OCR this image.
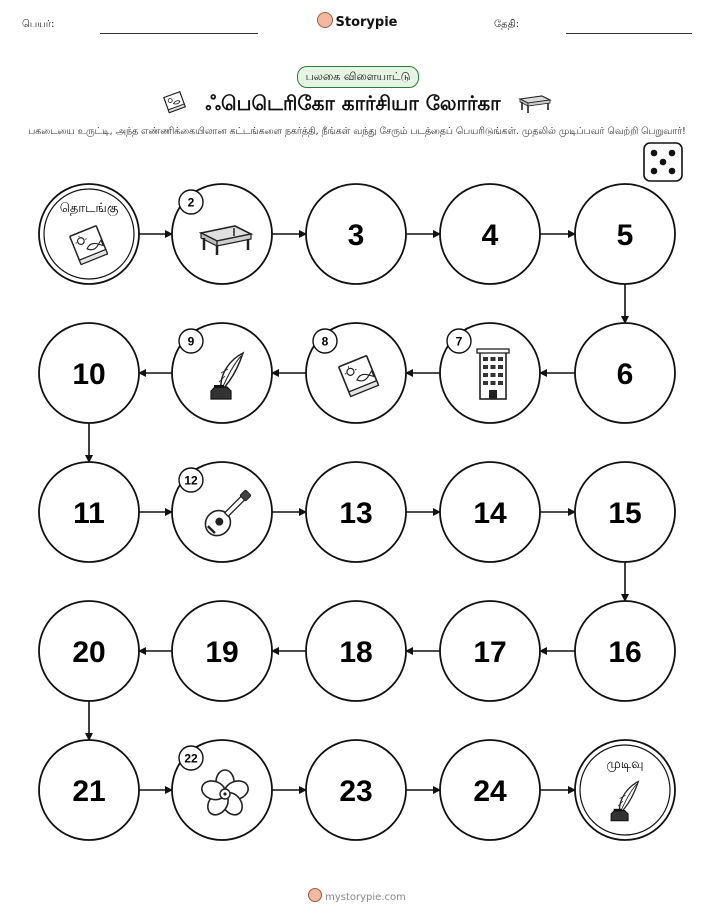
பெயர்:	Storypie	தேதி:
பலகை விளையாட்டு
ஃபெடெரிகோ கார்சியா லோர்கா
பகடையை உருட்டி, அந்த எண்ணிக்கையிலான கட்டங்களை நகர்த்தி, நீங்கள் வந்து சேரும் படத்தைப் பெயரிடுங்கள். முதலில் முடிப்பவர் வெற்றி பெறுவார்!
தொடங்கு	2
3	4	5
6
7
8
9
10
11
12
13	14	15
16
17
18
19
20
21
22
23	24
முடிவு
mystorypie.com
